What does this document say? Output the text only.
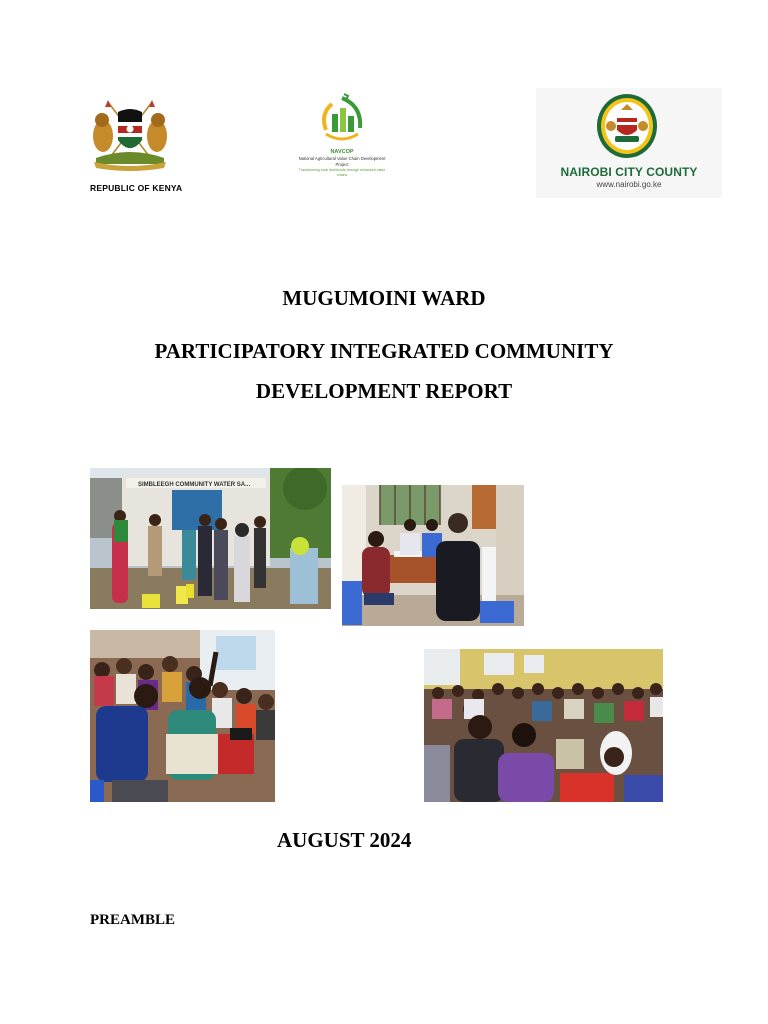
REPUBLIC OF KENYA
NAVCOP
National Agricultural Value Chain Development Project
Transforming rural livelihoods through enhanced value chains	NAIROBI CITY COUNTY
www.nairobi.go.ke
MUGUMOINI WARD
PARTICIPATORY INTEGRATED COMMUNITY
DEVELOPMENT REPORT
SIMBLEEGH COMMUNITY WATER SA...
AUGUST 2024
PREAMBLE
